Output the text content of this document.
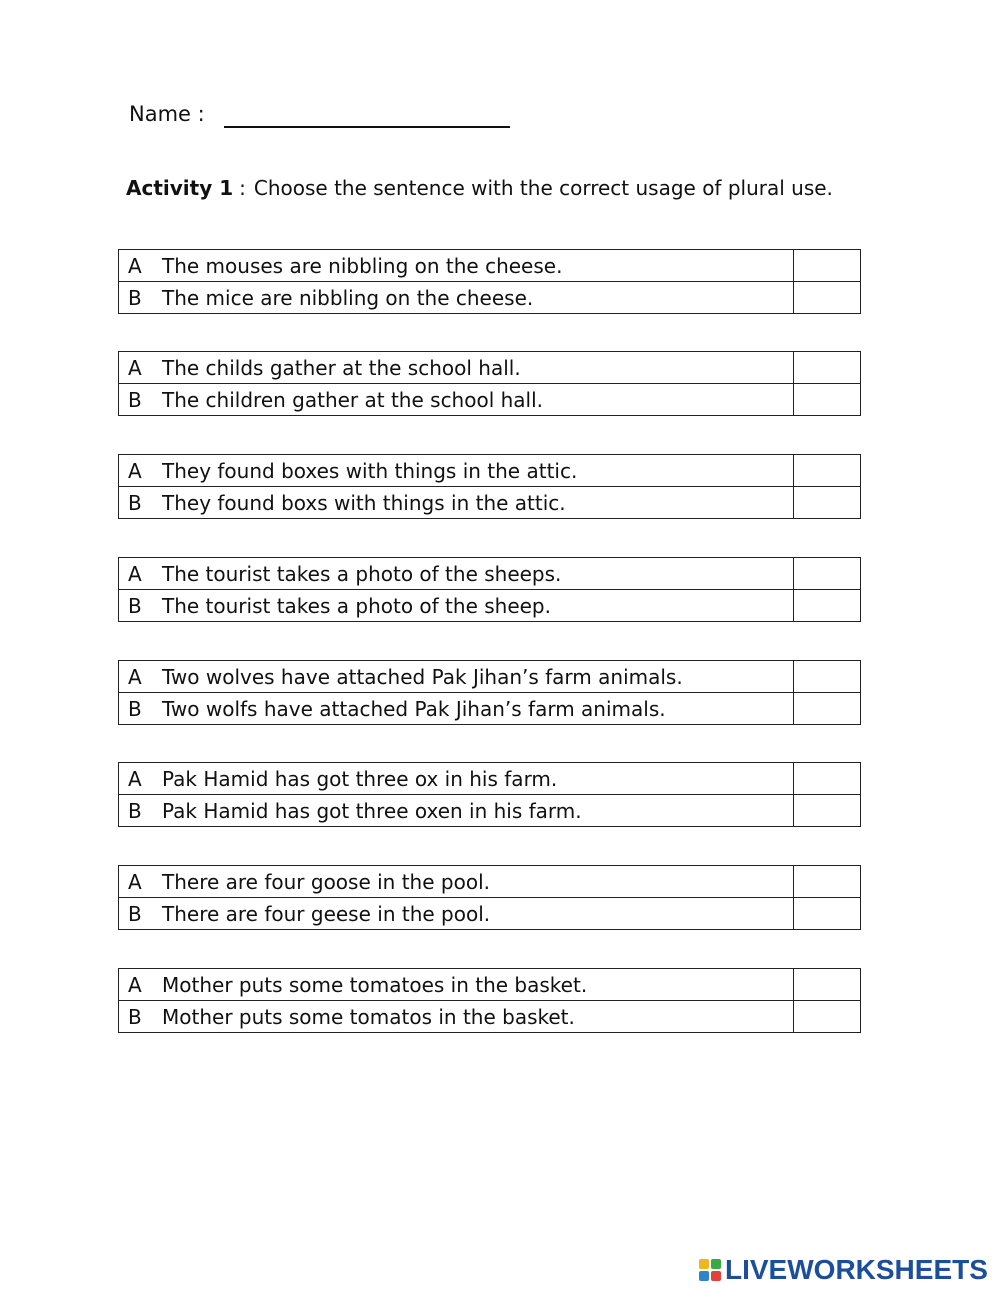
Name :
Activity 1 : Choose the sentence with the correct usage of plural use.
A The mouses are nibbling on the cheese.	
B The mice are nibbling on the cheese.	
A The childs gather at the school hall.	
B The children gather at the school hall.	
A They found boxes with things in the attic.	
B They found boxs with things in the attic.	
A The tourist takes a photo of the sheeps.	
B The tourist takes a photo of the sheep.	
A Two wolves have attached Pak Jihan’s farm animals.	
B Two wolfs have attached Pak Jihan’s farm animals.	
A Pak Hamid has got three ox in his farm.	
B Pak Hamid has got three oxen in his farm.	
A There are four goose in the pool.	
B There are four geese in the pool.	
A Mother puts some tomatoes in the basket.	
B Mother puts some tomatos in the basket.	
LIVEWORKSHEETS
